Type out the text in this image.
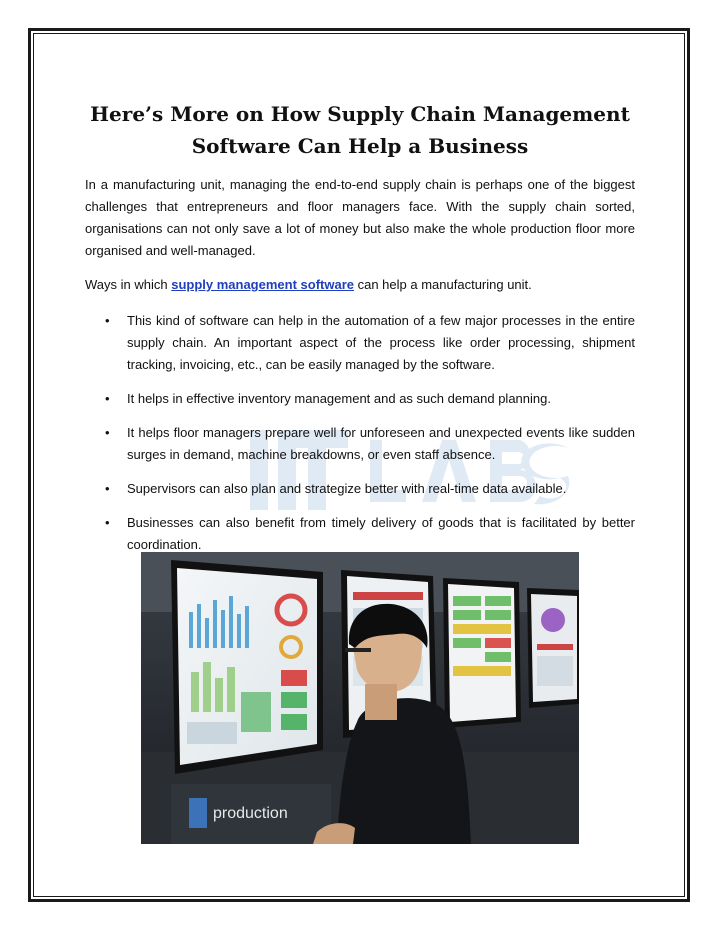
Here’s More on How Supply Chain Management
Software Can Help a Business

In a manufacturing unit, managing the end-to-end supply chain is perhaps one of the biggest challenges that entrepreneurs and floor managers face. With the supply chain sorted, organisations can not only save a lot of money but also make the whole production floor more organised and well-managed.

Ways in which supply management software can help a manufacturing unit.

• This kind of software can help in the automation of a few major processes in the entire supply chain. An important aspect of the process like order processing, shipment tracking, invoicing, etc., can be easily managed by the software.
• It helps in effective inventory management and as such demand planning.
• It helps floor managers prepare well for unforeseen and unexpected events like sudden surges in demand, machine breakdowns, or even staff absence.
• Supervisors can also plan and strategize better with real-time data available.
• Businesses can also benefit from timely delivery of goods that is facilitated by better coordination.
production
